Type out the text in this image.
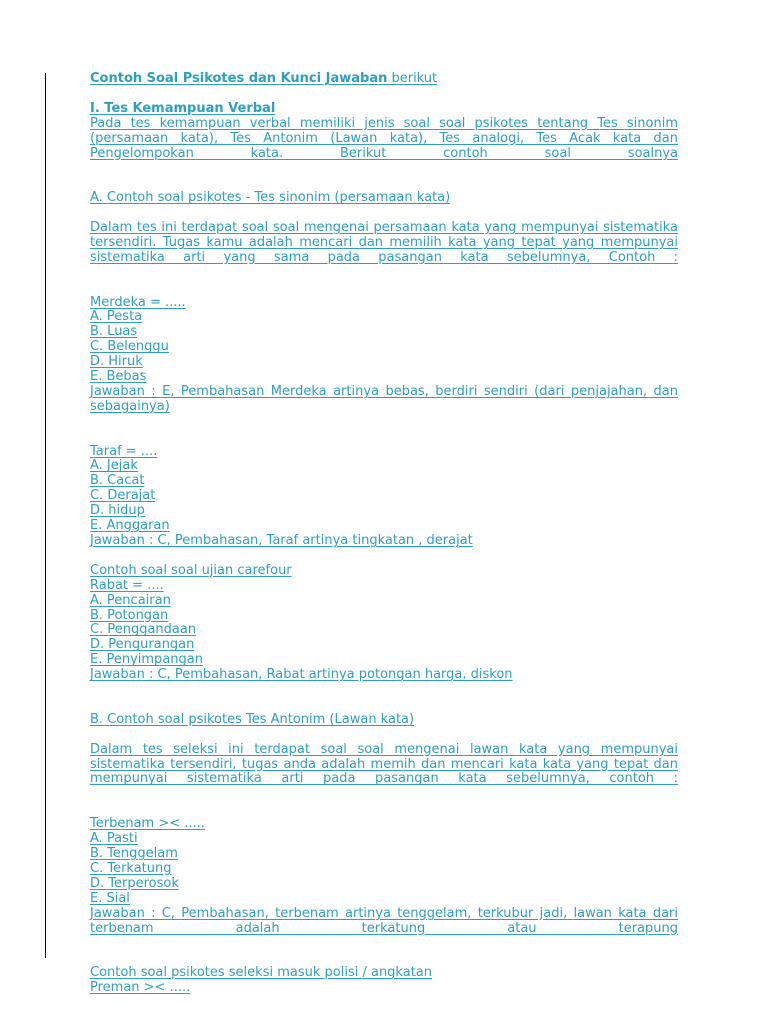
Contoh Soal Psikotes dan Kunci Jawaban berikut
I. Tes Kemampuan Verbal
Pada tes kemampuan verbal memiliki jenis soal soal psikotes tentang Tes sinonim (persamaan kata), Tes Antonim (Lawan kata), Tes analogi, Tes Acak kata dan Pengelompokan kata. Berikut contoh soal soalnya
A. Contoh soal psikotes - Tes sinonim (persamaan kata)
Dalam tes ini terdapat soal soal mengenai persamaan kata yang mempunyai sistematika tersendiri. Tugas kamu adalah mencari dan memilih kata yang tepat yang mempunyai sistematika arti yang sama pada pasangan kata sebelumnya, Contoh :
Merdeka = .....
A. Pesta
B. Luas
C. Belenggu
D. Hiruk
E. Bebas
Jawaban : E, Pembahasan Merdeka artinya bebas, berdiri sendiri (dari penjajahan, dan sebagainya)
Taraf = ....
A. Jejak
B. Cacat
C. Derajat
D. hidup
E. Anggaran
Jawaban : C, Pembahasan, Taraf artinya tingkatan , derajat
Contoh soal soal ujian carefour
Rabat = ....
A. Pencairan
B. Potongan
C. Penggandaan
D. Pengurangan
E. Penyimpangan
Jawaban : C, Pembahasan, Rabat artinya potongan harga, diskon
B. Contoh soal psikotes Tes Antonim (Lawan kata)
Dalam tes seleksi ini terdapat soal soal mengenai lawan kata yang mempunyai sistematika tersendiri, tugas anda adalah memih dan mencari kata kata yang tepat dan mempunyai sistematika arti pada pasangan kata sebelumnya, contoh :
Terbenam >< .....
A. Pasti
B. Tenggelam
C. Terkatung
D. Terperosok
E. Sial
Jawaban : C, Pembahasan, terbenam artinya tenggelam, terkubur jadi, lawan kata dari terbenam adalah terkatung atau terapung
Contoh soal psikotes seleksi masuk polisi / angkatan
Preman >< .....
